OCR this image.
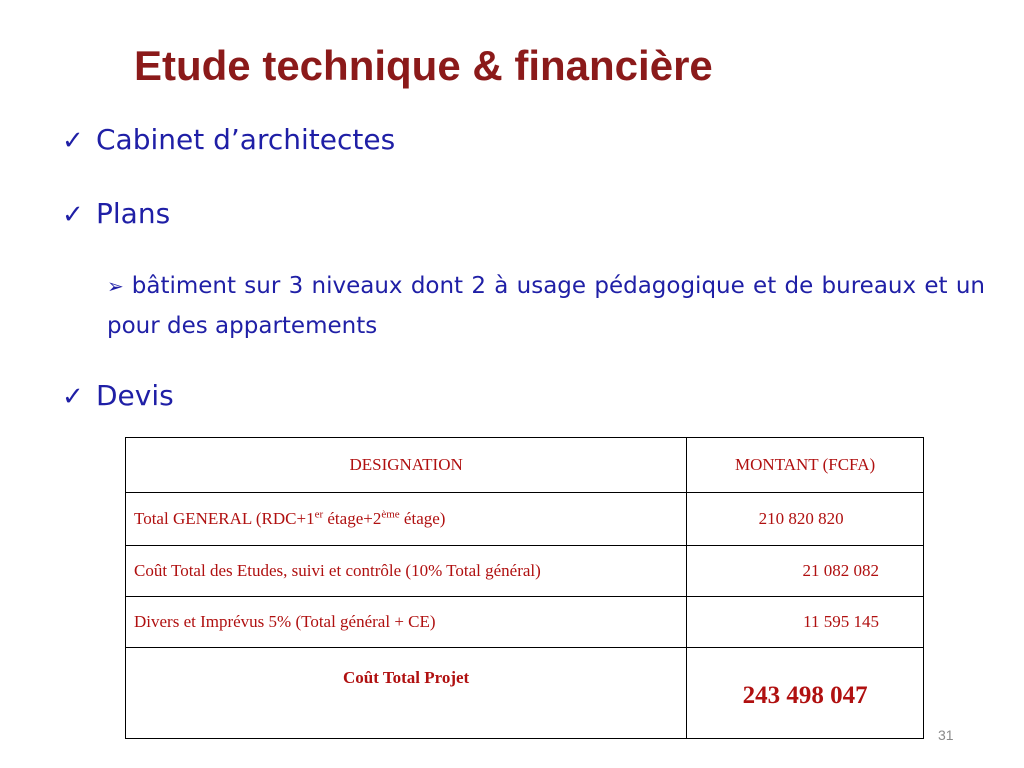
Etude technique & financière
✓ Cabinet d’architectes
✓ Plans
➢ bâtiment sur 3 niveaux dont 2 à usage pédagogique et de bureaux et un pour des appartements
✓ Devis
DESIGNATION	MONTANT (FCFA)
Total GENERAL (RDC+1er étage+2ème étage)	210 820 820
Coût Total des Etudes, suivi et contrôle (10% Total général)	21 082 082
Divers et Imprévus 5% (Total général + CE)	11 595 145
Coût Total Projet	243 498 047
31
